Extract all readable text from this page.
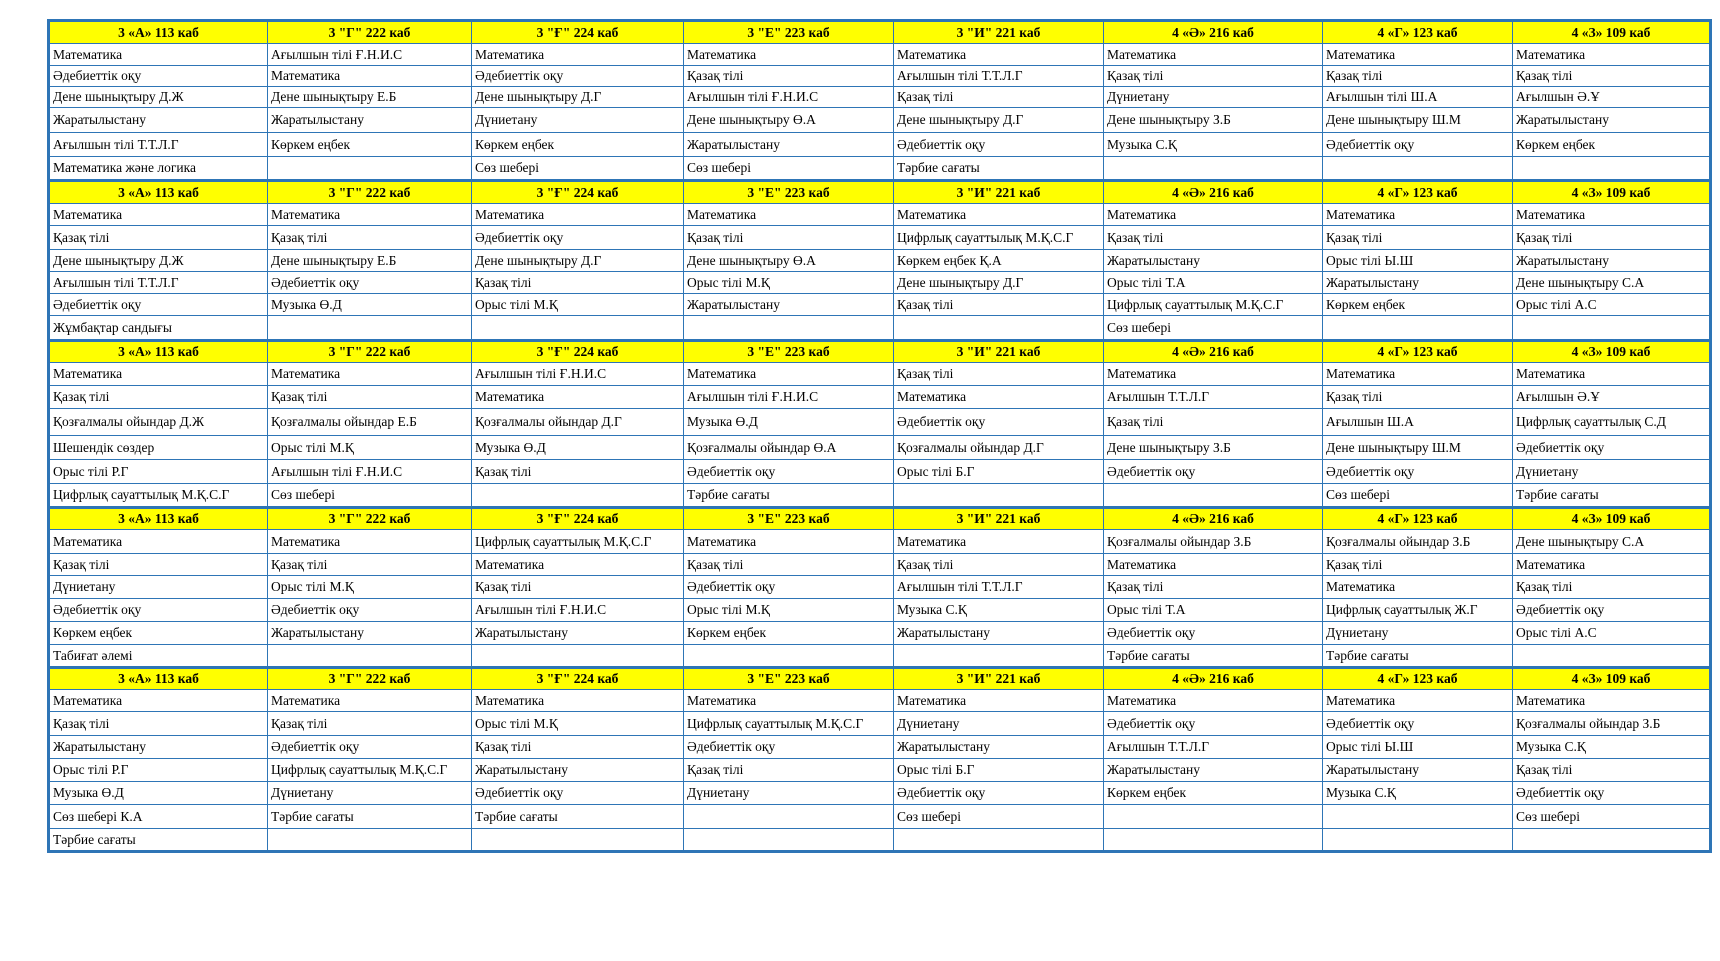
3 «А» 113 каб	3 "Г" 222 каб	3 "Ғ" 224 каб	3 "Е" 223 каб	3 "И" 221 каб	4 «Ә» 216 каб	4 «Г» 123 каб	4 «З» 109 каб
Математика	Ағылшын тілі Ғ.Н.И.С	Математика	Математика	Математика	Математика	Математика	Математика
Әдебиеттік оқу	Математика	Әдебиеттік оқу	Қазақ тілі	Ағылшын тілі Т.Т.Л.Г	Қазақ тілі	Қазақ тілі	Қазақ тілі
Дене шынықтыру Д.Ж	Дене шынықтыру Е.Б	Дене шынықтыру Д.Г	Ағылшын тілі Ғ.Н.И.С	Қазақ тілі	Дүниетану	Ағылшын тілі Ш.А	Ағылшын Ә.Ұ
Жаратылыстану	Жаратылыстану	Дүниетану	Дене шынықтыру Ө.А	Дене шынықтыру Д.Г	Дене шынықтыру З.Б	Дене шынықтыру Ш.М	Жаратылыстану
Ағылшын тілі Т.Т.Л.Г	Көркем еңбек	Көркем еңбек	Жаратылыстану	Әдебиеттік оқу	Музыка С.Қ	Әдебиеттік оқу	Көркем еңбек
Математика және логика		Сөз шебері	Сөз шебері	Тәрбие сағаты			
3 «А» 113 каб	3 "Г" 222 каб	3 "Ғ" 224 каб	3 "Е" 223 каб	3 "И" 221 каб	4 «Ә» 216 каб	4 «Г» 123 каб	4 «З» 109 каб
Математика	Математика	Математика	Математика	Математика	Математика	Математика	Математика
Қазақ тілі	Қазақ тілі	Әдебиеттік оқу	Қазақ тілі	Цифрлық сауаттылық М.Қ.С.Г	Қазақ тілі	Қазақ тілі	Қазақ тілі
Дене шынықтыру Д.Ж	Дене шынықтыру Е.Б	Дене шынықтыру Д.Г	Дене шынықтыру Ө.А	Көркем еңбек Қ.А	Жаратылыстану	Орыс тілі Ы.Ш	Жаратылыстану
Ағылшын тілі Т.Т.Л.Г	Әдебиеттік оқу	Қазақ тілі	Орыс тілі М.Қ	Дене шынықтыру Д.Г	Орыс тілі Т.А	Жаратылыстану	Дене шынықтыру С.А
Әдебиеттік оқу	Музыка Ө.Д	Орыс тілі М.Қ	Жаратылыстану	Қазақ тілі	Цифрлық сауаттылық М.Қ.С.Г	Көркем еңбек	Орыс тілі А.С
Жұмбақтар сандығы					Сөз шебері		
3 «А» 113 каб	3 "Г" 222 каб	3 "Ғ" 224 каб	3 "Е" 223 каб	3 "И" 221 каб	4 «Ә» 216 каб	4 «Г» 123 каб	4 «З» 109 каб
Математика	Математика	Ағылшын тілі Ғ.Н.И.С	Математика	Қазақ тілі	Математика	Математика	Математика
Қазақ тілі	Қазақ тілі	Математика	Ағылшын тілі Ғ.Н.И.С	Математика	Ағылшын Т.Т.Л.Г	Қазақ тілі	Ағылшын Ә.Ұ
Қозғалмалы ойындар Д.Ж	Қозғалмалы ойындар Е.Б	Қозғалмалы ойындар Д.Г	Музыка Ө.Д	Әдебиеттік оқу	Қазақ тілі	Ағылшын Ш.А	Цифрлық сауаттылық С.Д
Шешендік сөздер	Орыс тілі М.Қ	Музыка Ө.Д	Қозғалмалы ойындар Ө.А	Қозғалмалы ойындар Д.Г	Дене шынықтыру З.Б	Дене шынықтыру Ш.М	Әдебиеттік оқу
Орыс тілі Р.Г	Ағылшын тілі Ғ.Н.И.С	Қазақ тілі	Әдебиеттік оқу	Орыс тілі Б.Г	Әдебиеттік оқу	Әдебиеттік оқу	Дүниетану
Цифрлық сауаттылық М.Қ.С.Г	Сөз шебері		Тәрбие сағаты			Сөз шебері	Тәрбие сағаты
3 «А» 113 каб	3 "Г" 222 каб	3 "Ғ" 224 каб	3 "Е" 223 каб	3 "И" 221 каб	4 «Ә» 216 каб	4 «Г» 123 каб	4 «З» 109 каб
Математика	Математика	Цифрлық сауаттылық М.Қ.С.Г	Математика	Математика	Қозғалмалы ойындар З.Б	Қозғалмалы ойындар З.Б	Дене шынықтыру С.А
Қазақ тілі	Қазақ тілі	Математика	Қазақ тілі	Қазақ тілі	Математика	Қазақ тілі	Математика
Дүниетану	Орыс тілі М.Қ	Қазақ тілі	Әдебиеттік оқу	Ағылшын тілі Т.Т.Л.Г	Қазақ тілі	Математика	Қазақ тілі
Әдебиеттік оқу	Әдебиеттік оқу	Ағылшын тілі Ғ.Н.И.С	Орыс тілі М.Қ	Музыка С.Қ	Орыс тілі Т.А	Цифрлық сауаттылық Ж.Г	Әдебиеттік оқу
Көркем еңбек	Жаратылыстану	Жаратылыстану	Көркем еңбек	Жаратылыстану	Әдебиеттік оқу	Дүниетану	Орыс тілі А.С
Табиғат әлемі					Тәрбие сағаты	Тәрбие сағаты	
3 «А» 113 каб	3 "Г" 222 каб	3 "Ғ" 224 каб	3 "Е" 223 каб	3 "И" 221 каб	4 «Ә» 216 каб	4 «Г» 123 каб	4 «З» 109 каб
Математика	Математика	Математика	Математика	Математика	Математика	Математика	Математика
Қазақ тілі	Қазақ тілі	Орыс тілі М.Қ	Цифрлық сауаттылық М.Қ.С.Г	Дүниетану	Әдебиеттік оқу	Әдебиеттік оқу	Қозғалмалы ойындар З.Б
Жаратылыстану	Әдебиеттік оқу	Қазақ тілі	Әдебиеттік оқу	Жаратылыстану	Ағылшын Т.Т.Л.Г	Орыс тілі Ы.Ш	Музыка С.Қ
Орыс тілі Р.Г	Цифрлық сауаттылық М.Қ.С.Г	Жаратылыстану	Қазақ тілі	Орыс тілі Б.Г	Жаратылыстану	Жаратылыстану	Қазақ тілі
Музыка Ө.Д	Дүниетану	Әдебиеттік оқу	Дүниетану	Әдебиеттік оқу	Көркем еңбек	Музыка С.Қ	Әдебиеттік оқу
Сөз шебері К.А	Тәрбие сағаты	Тәрбие сағаты		Сөз шебері			Сөз шебері
Тәрбие сағаты							
